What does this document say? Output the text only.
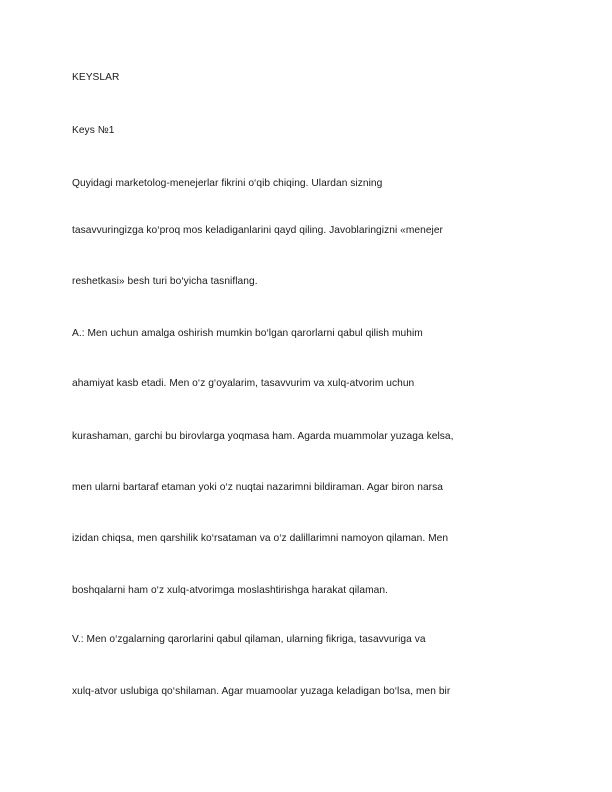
KEYSLAR
Keys №1
Quyidagi marketolog-menejerlar fikrini o‘qib chiqing. Ulardan sizning
tasavvuringizga ko‘proq mos keladiganlarini qayd qiling. Javoblaringizni «menejer
reshetkasi» besh turi bo‘yicha tasniflang.
A.: Men uchun amalga oshirish mumkin bo‘lgan qarorlarni qabul qilish muhim
ahamiyat kasb etadi. Men o‘z g‘oyalarim, tasavvurim va xulq-atvorim uchun
kurashaman, garchi bu birovlarga yoqmasa ham. Agarda muammolar yuzaga kelsa,
men ularni bartaraf etaman yoki o‘z nuqtai nazarimni bildiraman. Agar biron narsa
izidan chiqsa, men qarshilik ko‘rsataman va o‘z dalillarimni namoyon qilaman. Men
boshqalarni ham o‘z xulq-atvorimga moslashtirishga harakat qilaman.
V.: Men o‘zgalarning qarorlarini qabul qilaman, ularning fikriga, tasavvuriga va
xulq-atvor uslubiga qo‘shilaman. Agar muamoolar yuzaga keladigan bo‘lsa, men bir
